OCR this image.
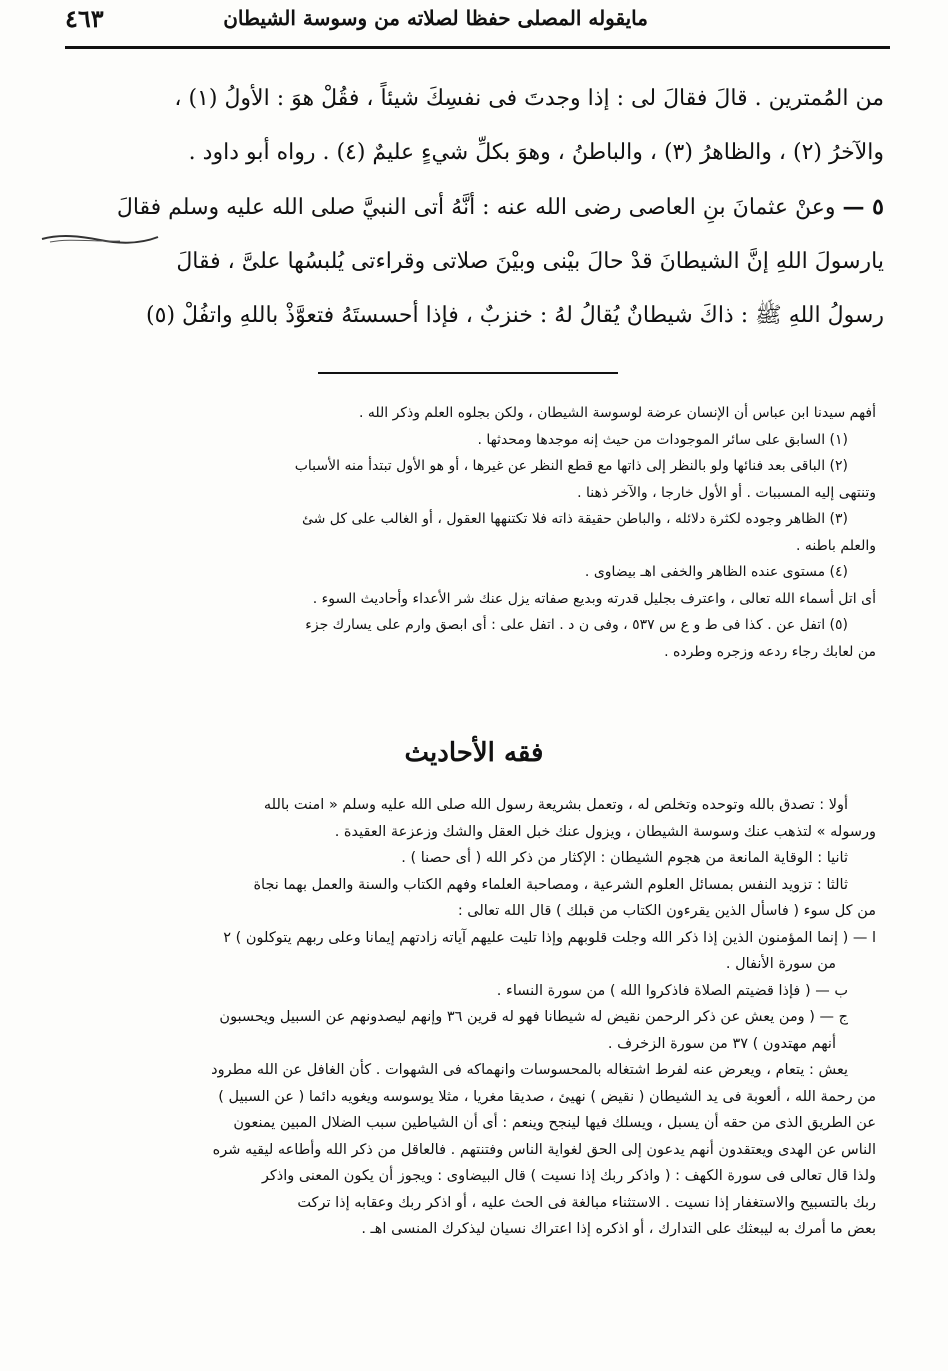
مايقوله المصلى حفظا لصلاته من وسوسة الشيطان
٤٦٣

من المُمترين . قالَ فقالَ لى : إذا وجدتَ فى نفسِكَ شيئاً ، فقُلْ هوَ : الأولُ (١) ،

والآخرُ (٢) ، والظاهرُ (٣) ، والباطنُ ، وهوَ بكلِّ شيءٍ عليمٌ (٤) . رواه أبو داود .

٥ — وعنْ عثمانَ بنِ العاصى رضى الله عنه : أنَّهُ أتى النبيَّ صلى الله عليه وسلم فقالَ

يارسولَ اللهِ إنَّ الشيطانَ قدْ حالَ بيْنى وبيْنَ صلاتى وقراءتى يُلبسُها علىَّ ، فقالَ

رسولُ اللهِ ﷺ : ذاكَ شيطانٌ يُقالُ لهُ : خنزبٌ ، فإذا أحسستَهُ فتعوَّذْ باللهِ واتفُلْ (٥)

أفهم سيدنا ابن عباس أن الإنسان عرضة لوسوسة الشيطان ، ولكن بجلوه العلم وذكر الله .

(١) السابق على سائر الموجودات من حيث إنه موجدها ومحدثها .

(٢) الباقى بعد فنائها ولو بالنظر إلى ذاتها مع قطع النظر عن غيرها ، أو هو الأول تبتدأ منه الأسباب

وتنتهى إليه المسببات . أو الأول خارجا ، والآخر ذهنا .

(٣) الظاهر وجوده لكثرة دلائله ، والباطن حقيقة ذاته فلا تكتنهها العقول ، أو الغالب على كل شئ

والعلم باطنه .

(٤) مستوى عنده الظاهر والخفى اهـ بيضاوى .

أى اتل أسماء الله تعالى ، واعترف بجليل قدرته وبديع صفاته يزل عنك شر الأعداء وأحاديث السوء .

(٥) اتفل عن . كذا فى ط و ع س ٥٣٧ ، وفى ن د . اتفل على : أى ابصق وارم على يسارك جزء

من لعابك رجاء ردعه وزجره وطرده .

فقه الأحاديث

أولا : تصدق بالله وتوحده وتخلص له ، وتعمل بشريعة رسول الله صلى الله عليه وسلم « امنت بالله

ورسوله » لتذهب عنك وسوسة الشيطان ، ويزول عنك خبل العقل والشك وزعزعة العقيدة .

ثانيا : الوقاية المانعة من هجوم الشيطان : الإكثار من ذكر الله ( أى حصنا ) .

ثالثا : تزويد النفس بمسائل العلوم الشرعية ، ومصاحبة العلماء وفهم الكتاب والسنة والعمل بهما نجاة

من كل سوء ( فاسأل الذين يقرءون الكتاب من قبلك ) قال الله تعالى :

ا — ( إنما المؤمنون الذين إذا ذكر الله وجلت قلوبهم وإذا تليت عليهم آياته زادتهم إيمانا وعلى ربهم يتوكلون ) ٢

من سورة الأنفال .

ب — ( فإذا قضيتم الصلاة فاذكروا الله ) من سورة النساء .

ج — ( ومن يعش عن ذكر الرحمن نقيض له شيطانا فهو له قرين ٣٦ وإنهم ليصدونهم عن السبيل ويحسبون

أنهم مهتدون ) ٣٧ من سورة الزخرف .

يعش : يتعام ، ويعرض عنه لفرط اشتغاله بالمحسوسات وانهماكه فى الشهوات . كأن الغافل عن الله مطرود

من رحمة الله ، ألعوبة فى يد الشيطان ( نقيض ) نهيئ ، صديقا مغريا ، مثلا يوسوسه ويغويه دائما ( عن السبيل )

عن الطريق الذى من حقه أن يسبل ، ويسلك فيها لينجح وينعم : أى أن الشياطين سبب الضلال المبين يمنعون

الناس عن الهدى ويعتقدون أنهم يدعون إلى الحق لغواية الناس وفتنتهم . فالعاقل من ذكر الله وأطاعه ليقيه شره

ولذا قال تعالى فى سورة الكهف : ( واذكر ربك إذا نسيت ) قال البيضاوى : ويجوز أن يكون المعنى واذكر

ربك بالتسبيح والاستغفار إذا نسيت . الاستثناء مبالغة فى الحث عليه ، أو اذكر ربك وعقابه إذا تركت

بعض ما أمرك به ليبعثك على التدارك ، أو اذكره إذا اعتراك نسيان ليذكرك المنسى اهـ .
